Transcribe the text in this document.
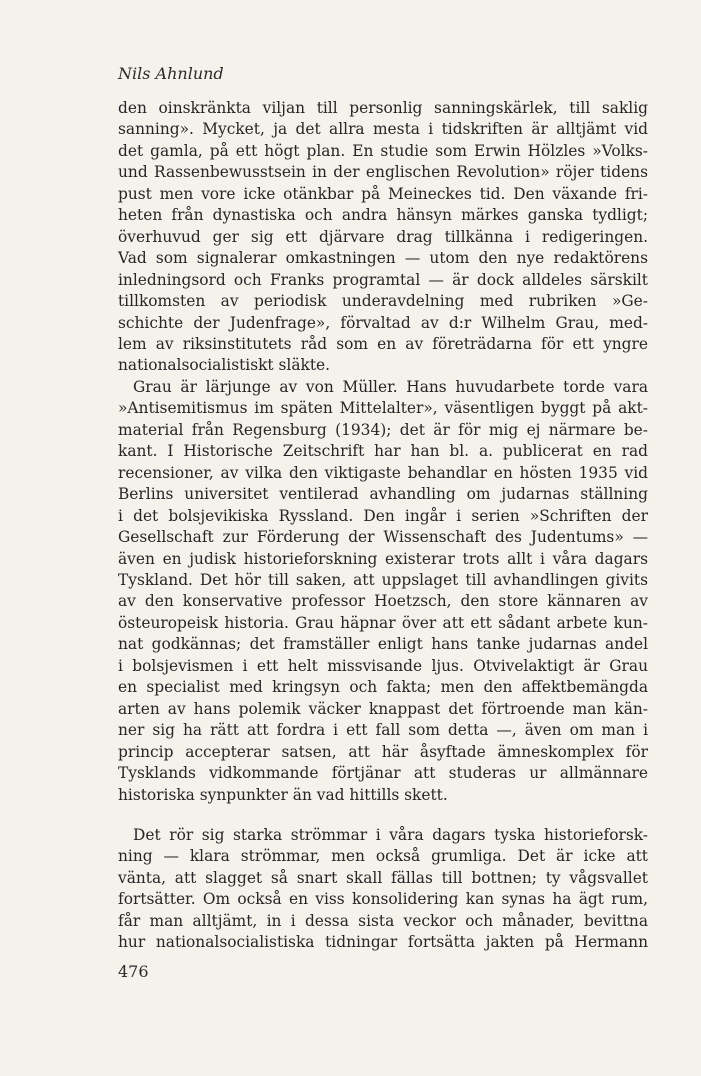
Nils Ahnlund
den oinskränkta viljan till personlig sanningskärlek, till saklig
sanning». Mycket, ja det allra mesta i tidskriften är alltjämt vid
det gamla, på ett högt plan. En studie som Erwin Hölzles »Volks-
und Rassenbewusstsein in der englischen Revolution» röjer tidens
pust men vore icke otänkbar på Meineckes tid. Den växande fri-
heten från dynastiska och andra hänsyn märkes ganska tydligt;
överhuvud ger sig ett djärvare drag tillkänna i redigeringen.
Vad som signalerar omkastningen — utom den nye redaktörens
inledningsord och Franks programtal — är dock alldeles särskilt
tillkomsten av periodisk underavdelning med rubriken »Ge-
schichte der Judenfrage», förvaltad av d:r Wilhelm Grau, med-
lem av riksinstitutets råd som en av företrädarna för ett yngre
nationalsocialistiskt släkte.
Grau är lärjunge av von Müller. Hans huvudarbete torde vara
»Antisemitismus im späten Mittelalter», väsentligen byggt på akt-
material från Regensburg (1934); det är för mig ej närmare be-
kant. I Historische Zeitschrift har han bl. a. publicerat en rad
recensioner, av vilka den viktigaste behandlar en hösten 1935 vid
Berlins universitet ventilerad avhandling om judarnas ställning
i det bolsjevikiska Ryssland. Den ingår i serien »Schriften der
Gesellschaft zur Förderung der Wissenschaft des Judentums» —
även en judisk historieforskning existerar trots allt i våra dagars
Tyskland. Det hör till saken, att uppslaget till avhandlingen givits
av den konservative professor Hoetzsch, den store kännaren av
östeuropeisk historia. Grau häpnar över att ett sådant arbete kun-
nat godkännas; det framställer enligt hans tanke judarnas andel
i bolsjevismen i ett helt missvisande ljus. Otvivelaktigt är Grau
en specialist med kringsyn och fakta; men den affektbemängda
arten av hans polemik väcker knappast det förtroende man kän-
ner sig ha rätt att fordra i ett fall som detta —, även om man i
princip accepterar satsen, att här åsyftade ämneskomplex för
Tysklands vidkommande förtjänar att studeras ur allmännare
historiska synpunkter än vad hittills skett.
Det rör sig starka strömmar i våra dagars tyska historieforsk-
ning — klara strömmar, men också grumliga. Det är icke att
vänta, att slagget så snart skall fällas till bottnen; ty vågsvallet
fortsätter. Om också en viss konsolidering kan synas ha ägt rum,
får man alltjämt, in i dessa sista veckor och månader, bevittna
hur nationalsocialistiska tidningar fortsätta jakten på Hermann
476
